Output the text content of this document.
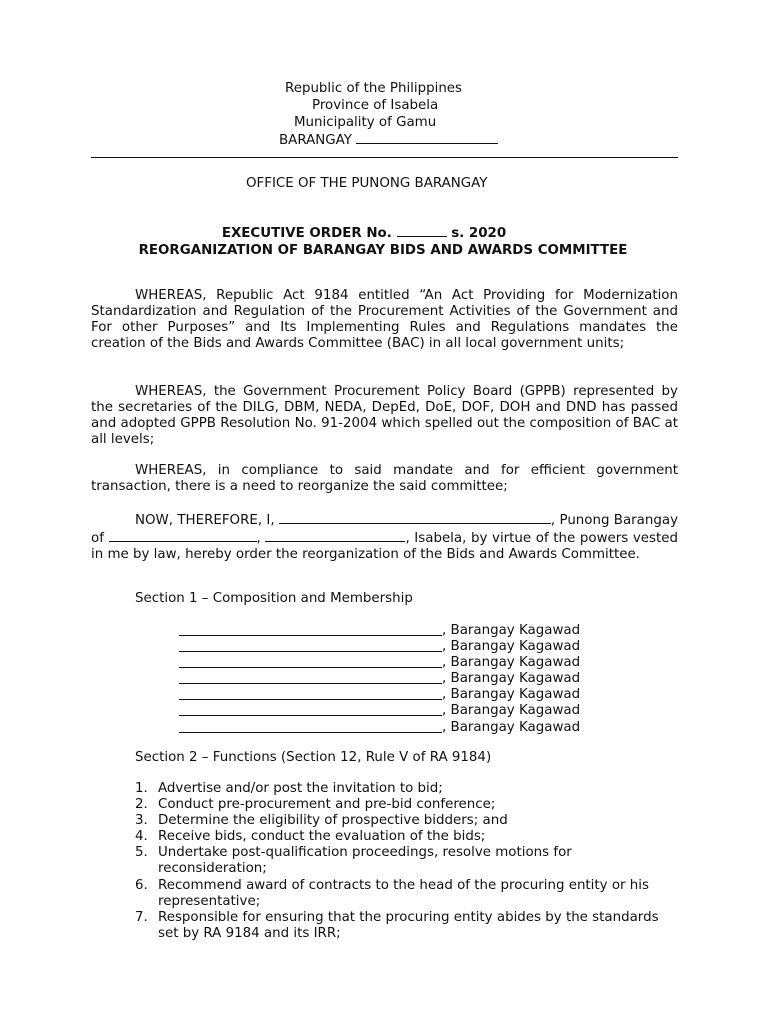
Republic of the Philippines
Province of Isabela
Municipality of Gamu
BARANGAY
OFFICE OF THE PUNONG BARANGAY
EXECUTIVE ORDER No.	s. 2020
REORGANIZATION OF BARANGAY BIDS AND AWARDS COMMITTEE

WHEREAS, Republic Act 9184 entitled “An Act Providing for Modernization Standardization and Regulation of the Procurement Activities of the Government and For other Purposes” and Its Implementing Rules and Regulations mandates the creation of the Bids and Awards Committee (BAC) in all local government units;

WHEREAS, the Government Procurement Policy Board (GPPB) represented by the secretaries of the DILG, DBM, NEDA, DepEd, DoE, DOF, DOH and DND has passed and adopted GPPB Resolution No. 91-2004 which spelled out the composition of BAC at all levels;

WHEREAS, in compliance to said mandate and for efficient government transaction, there is a need to reorganize the said committee;

NOW, THEREFORE, I,	, Punong Barangay of	,	, Isabela, by virtue of the powers vested in me by law, hereby order the reorganization of the Bids and Awards Committee.

Section 1 – Composition and Membership
, Barangay Kagawad
, Barangay Kagawad
, Barangay Kagawad
, Barangay Kagawad
, Barangay Kagawad
, Barangay Kagawad
, Barangay Kagawad
Section 2 – Functions (Section 12, Rule V of RA 9184)
1. Advertise and/or post the invitation to bid;
2. Conduct pre-procurement and pre-bid conference;
3. Determine the eligibility of prospective bidders; and
4. Receive bids, conduct the evaluation of the bids;
5. Undertake post-qualification proceedings, resolve motions for reconsideration;
6. Recommend award of contracts to the head of the procuring entity or his representative;
7. Responsible for ensuring that the procuring entity abides by the standards set by RA 9184 and its IRR;
